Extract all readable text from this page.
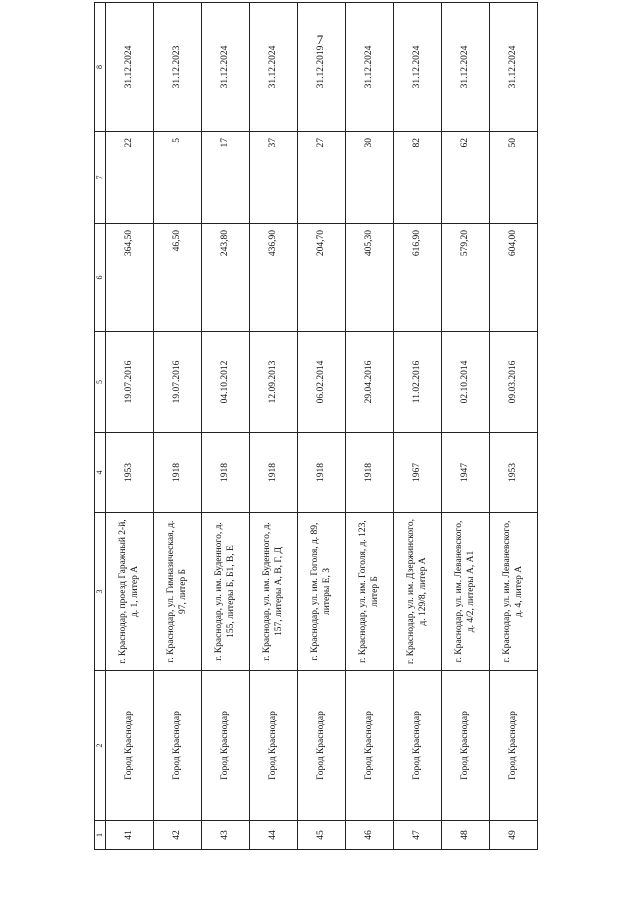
7
1	2	3	4	5	6	7	8
41	Город Краснодар	г. Краснодар, проезд Гаражный 2-й, д. 1, литер А	1953	19.07.2016	364,50	22	31.12.2024
42	Город Краснодар	г. Краснодар, ул. Гимназическая, д. 97, литер Б	1918	19.07.2016	46,50	5	31.12.2023
43	Город Краснодар	г. Краснодар, ул. им. Буденного, д. 155, литеры Б, Б1, В, Е	1918	04.10.2012	243,80	17	31.12.2024
44	Город Краснодар	г. Краснодар, ул. им. Буденного, д. 157, литеры А, В, Г, Д	1918	12.09.2013	436,90	37	31.12.2024
45	Город Краснодар	г. Краснодар, ул. им. Гоголя, д. 89, литеры Е, З	1918	06.02.2014	204,70	27	31.12.2019
46	Город Краснодар	г. Краснодар, ул. им. Гоголя, д. 123, литер Б	1918	29.04.2016	405,30	30	31.12.2024
47	Город Краснодар	г. Краснодар, ул. им. Дзержинского, д. 129/8, литер А	1967	11.02.2016	616,90	82	31.12.2024
48	Город Краснодар	г. Краснодар, ул. им. Леваневского, д. 4/2, литеры А, А1	1947	02.10.2014	579,20	62	31.12.2024
49	Город Краснодар	г. Краснодар, ул. им. Леваневского, д. 4, литер А	1953	09.03.2016	604,00	50	31.12.2024
